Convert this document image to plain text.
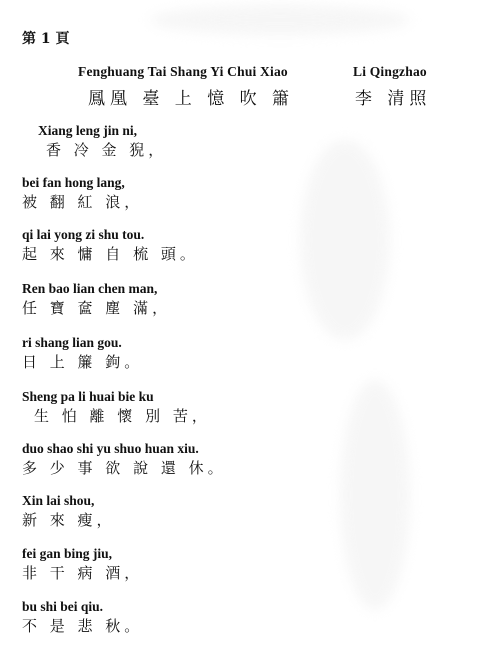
第 1 頁
Fenghuang Tai Shang Yi Chui Xiao
鳳凰 臺 上 憶 吹 簫
Li Qingzhao
李 清照
Xiang leng jin ni,
香 冷 金 猊，
bei fan hong lang,
被 翻 紅 浪，
qi lai yong zi shu tou.
起 來 慵 自 梳 頭。
Ren bao lian chen man,
任 寶 奩 塵 滿，
ri shang lian gou.
日 上 簾 鉤。
Sheng pa li huai bie ku
生 怕 離 懷 別 苦，
duo shao shi yu shuo huan xiu.
多 少 事 欲 說 還 休。
Xin lai shou,
新 來 瘦，
fei gan bing jiu,
非 干 病 酒，
bu shi bei qiu.
不 是 悲 秋。
